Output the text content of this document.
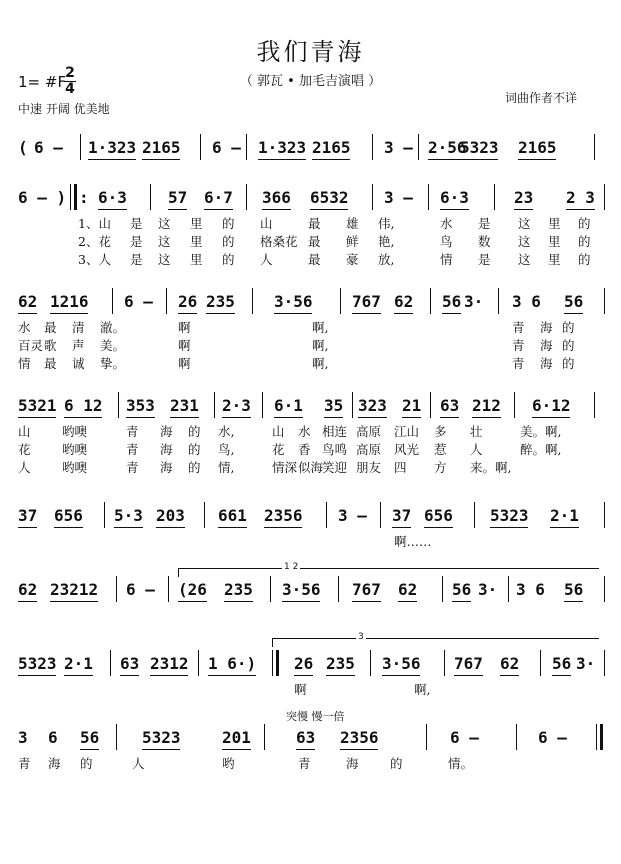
我们青海
（ 郭瓦 • 加毛吉演唱 ）
1= #F 2
4
中速 开阔 优美地
词曲作者不详
( 6 – 1·323 2165 6 – 1·323 2165 3 – 2·56
5323 2165
6 – ) : 6·3	57 6·7 366 6532 3 – 6·3	23 2 3
1、山 是 这 里 的 山	最 雄 伟,	水 是 这 里 的
2、花 是 这 里 的 格桑花 最 鲜 艳,	鸟 数 这 里 的
3、人 是 这 里 的 人	最 豪 放,	情 是 这 里 的
62 1216 6 – 26 235 3·56 767 62 56 3· 3 6 56
水 最 清 澈。	啊	啊,	青 海 的
百灵 歌 声 美。	啊	啊,	青 海 的
情 最 诚 挚。	啊	啊,	青 海 的
5321 6 12 353 231 2·3 6·1 35 323 21 63 212 6·12
山	哟噢	青 海 的 水,	山 水 相连 高原 江山 多 壮	美。啊,
花	哟噢	青 海 的 鸟,	花 香 鸟鸣 高原 风光 惹 人	醉。啊,
人	哟噢	青 海 的 情,	情深 似海
笑迎 朋友 四 方 来。啊,
37 656 5·3 203 661 2356 3 – 37 656 5323 2·1
啊……
62 23212 6 – (26 235 3·56 767 62 56 3· 3 6 56
5323 2·1 63 2312 1 6·) 26 235 3·56 767 62 56 3·
啊	啊,
3 6 56	5323	201	63 2356	6 –	6 –
青 海 的	人	哟	青	海	的	情。
1 2
3
突慢 慢一倍
